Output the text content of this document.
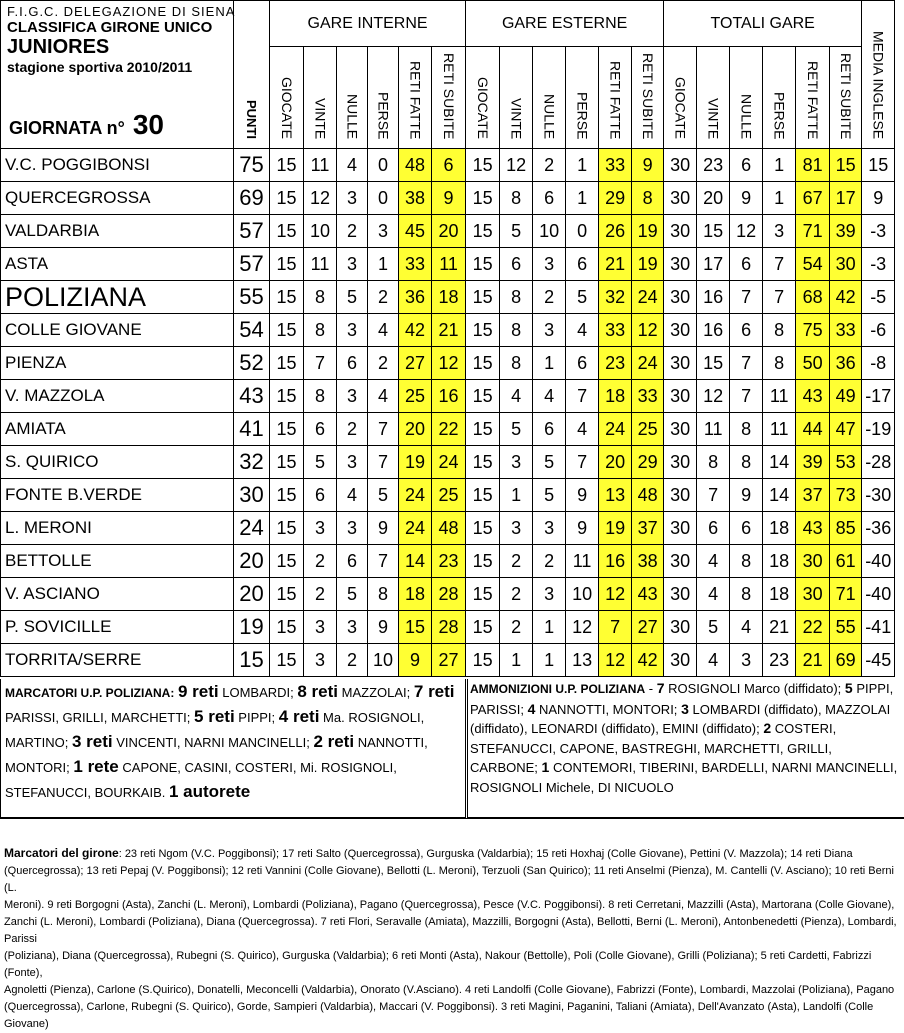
F.I.G.C. DELEGAZIONE DI SIENA
CLASSIFICA GIRONE UNICO
JUNIORES
stagione sportiva 2010/2011
GIORNATA n° 30	PUNTI	GARE INTERNE						GARE ESTERNE						TOTALI GARE						MEDIA INGLESE
		GIOCATE	VINTE	NULLE	PERSE	RETI FATTE	RETI SUBITE	GIOCATE	VINTE	NULLE	PERSE	RETI FATTE	RETI SUBITE	GIOCATE	VINTE	NULLE	PERSE	RETI FATTE	RETI SUBITE	
V.C. POGGIBONSI	75	15	11	4	0	48	6	15	12	2	1	33	9	30	23	6	1	81	15	15
QUERCEGROSSA	69	15	12	3	0	38	9	15	8	6	1	29	8	30	20	9	1	67	17	9
VALDARBIA	57	15	10	2	3	45	20	15	5	10	0	26	19	30	15	12	3	71	39	-3
ASTA	57	15	11	3	1	33	11	15	6	3	6	21	19	30	17	6	7	54	30	-3
POLIZIANA	55	15	8	5	2	36	18	15	8	2	5	32	24	30	16	7	7	68	42	-5
COLLE GIOVANE	54	15	8	3	4	42	21	15	8	3	4	33	12	30	16	6	8	75	33	-6
PIENZA	52	15	7	6	2	27	12	15	8	1	6	23	24	30	15	7	8	50	36	-8
V. MAZZOLA	43	15	8	3	4	25	16	15	4	4	7	18	33	30	12	7	11	43	49	-17
AMIATA	41	15	6	2	7	20	22	15	5	6	4	24	25	30	11	8	11	44	47	-19
S. QUIRICO	32	15	5	3	7	19	24	15	3	5	7	20	29	30	8	8	14	39	53	-28
FONTE B.VERDE	30	15	6	4	5	24	25	15	1	5	9	13	48	30	7	9	14	37	73	-30
L. MERONI	24	15	3	3	9	24	48	15	3	3	9	19	37	30	6	6	18	43	85	-36
BETTOLLE	20	15	2	6	7	14	23	15	2	2	11	16	38	30	4	8	18	30	61	-40
V. ASCIANO	20	15	2	5	8	18	28	15	2	3	10	12	43	30	4	8	18	30	71	-40
P. SOVICILLE	19	15	3	3	9	15	28	15	2	1	12	7	27	30	5	4	21	22	55	-41
TORRITA/SERRE	15	15	3	2	10	9	27	15	1	1	13	12	42	30	4	3	23	21	69	-45
MARCATORI U.P. POLIZIANA: 9 reti LOMBARDI; 8 reti MAZZOLAI; 7 reti PARISSI, GRILLI, MARCHETTI; 5 reti PIPPI; 4 reti Ma. ROSIGNOLI, MARTINO; 3 reti VINCENTI, NARNI MANCINELLI; 2 reti NANNOTTI, MONTORI; 1 rete CAPONE, CASINI, COSTERI, Mi. ROSIGNOLI, STEFANUCCI, BOURKAIB. 1 autorete
AMMONIZIONI U.P. POLIZIANA - 7 ROSIGNOLI Marco (diffidato); 5 PIPPI, PARISSI; 4 NANNOTTI, MONTORI; 3 LOMBARDI (diffidato), MAZZOLAI (diffidato), LEONARDI (diffidato), EMINI (diffidato); 2 COSTERI, STEFANUCCI, CAPONE, BASTREGHI, MARCHETTI, GRILLI, CARBONE; 1 CONTEMORI, TIBERINI, BARDELLI, NARNI MANCINELLI, ROSIGNOLI Michele, DI NICUOLO
Marcatori del girone: 23 reti Ngom (V.C. Poggibonsi); 17 reti Salto (Quercegrossa), Gurguska (Valdarbia); 15 reti Hoxhaj (Colle Giovane), Pettini (V. Mazzola); 14 reti Diana
(Quercegrossa); 13 reti Pepaj (V. Poggibonsi); 12 reti Vannini (Colle Giovane), Bellotti (L. Meroni), Terzuoli (San Quirico); 11 reti Anselmi (Pienza), M. Cantelli (V. Asciano); 10 reti Berni (L.
Meroni). 9 reti Borgogni (Asta), Zanchi (L. Meroni), Lombardi (Poliziana), Pagano (Quercegrossa), Pesce (V.C. Poggibonsi). 8 reti Cerretani, Mazzilli (Asta), Martorana (Colle Giovane),
Zanchi (L. Meroni), Lombardi (Poliziana), Diana (Quercegrossa). 7 reti Flori, Seravalle (Amiata), Mazzilli, Borgogni (Asta), Bellotti, Berni (L. Meroni), Antonbenedetti (Pienza), Lombardi, Parissi
(Poliziana), Diana (Quercegrossa), Rubegni (S. Quirico), Gurguska (Valdarbia); 6 reti Monti (Asta), Nakour (Bettolle), Poli (Colle Giovane), Grilli (Poliziana); 5 reti Cardetti, Fabrizzi (Fonte),
Agnoletti (Pienza), Carlone (S.Quirico), Donatelli, Meconcelli (Valdarbia), Onorato (V.Asciano). 4 reti Landolfi (Colle Giovane), Fabrizzi (Fonte), Lombardi, Mazzolai (Poliziana), Pagano
(Quercegrossa), Carlone, Rubegni (S. Quirico), Gorde, Sampieri (Valdarbia), Maccari (V. Poggibonsi). 3 reti Magini, Paganini, Taliani (Amiata), Dell'Avanzato (Asta), Landolfi (Colle Giovane)
